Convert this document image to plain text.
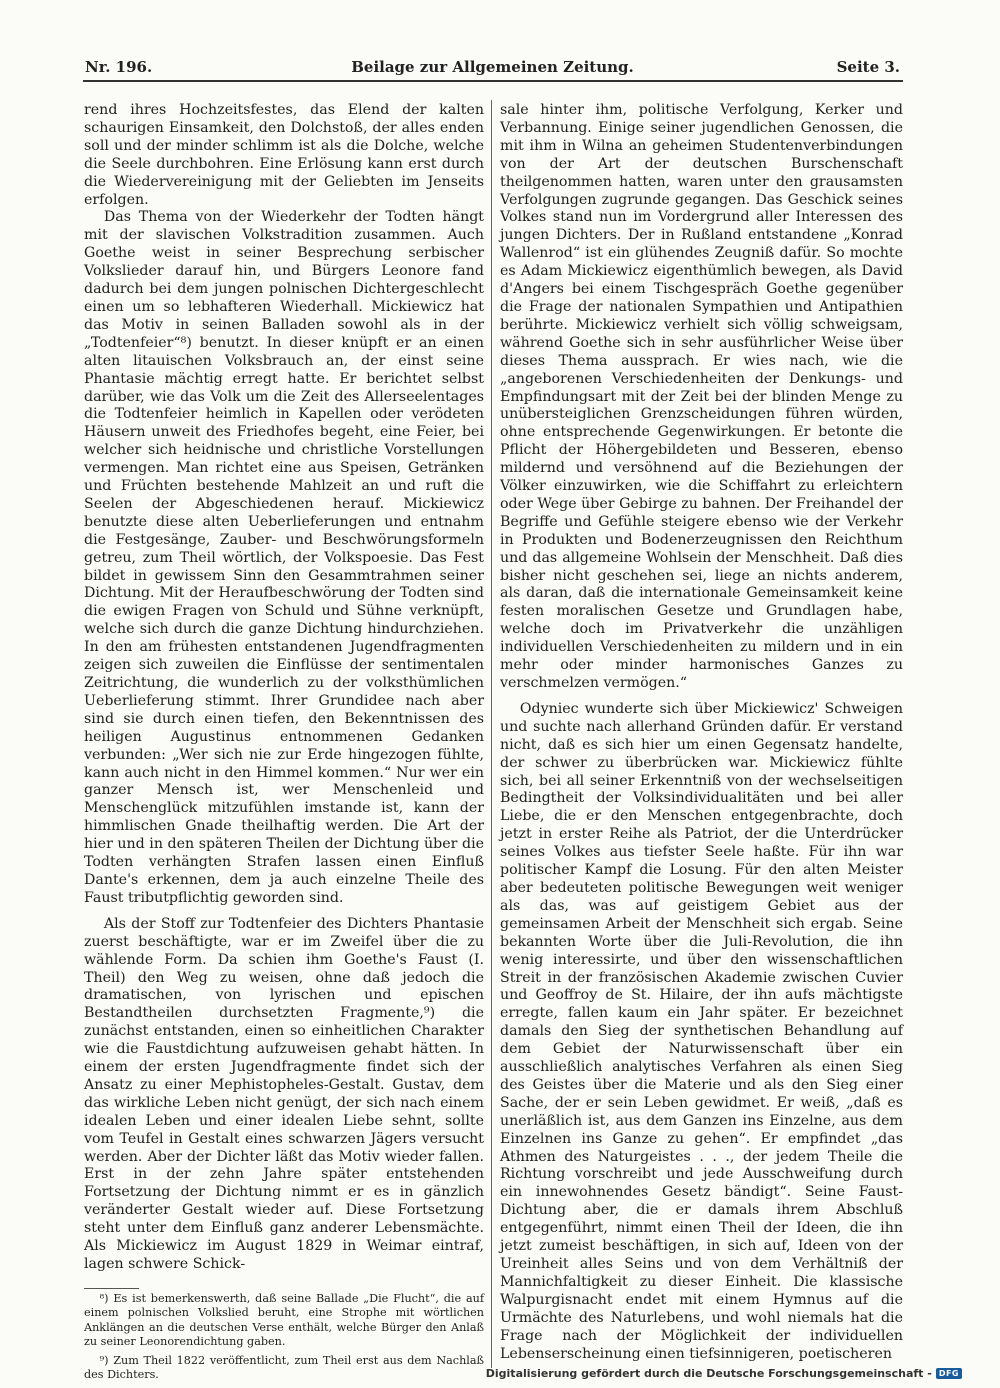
Nr. 196.	Beilage zur Allgemeinen Zeitung.	Seite 3.

rend ihres Hochzeitsfestes, das Elend der kalten schaurigen Einsamkeit, den Dolchstoß, der alles enden soll und der minder schlimm ist als die Dolche, welche die Seele durchbohren. Eine Erlösung kann erst durch die Wiedervereinigung mit der Geliebten im Jenseits erfolgen.

Das Thema von der Wiederkehr der Todten hängt mit der slavischen Volkstradition zusammen. Auch Goethe weist in seiner Besprechung serbischer Volkslieder darauf hin, und Bürgers Leonore fand dadurch bei dem jungen polnischen Dichtergeschlecht einen um so lebhafteren Wiederhall. Mickiewicz hat das Motiv in seinen Balladen sowohl als in der „Todtenfeier“⁸) benutzt. In dieser knüpft er an einen alten litauischen Volksbrauch an, der einst seine Phantasie mächtig erregt hatte. Er berichtet selbst darüber, wie das Volk um die Zeit des Allerseelentages die Todtenfeier heimlich in Kapellen oder verödeten Häusern unweit des Friedhofes begeht, eine Feier, bei welcher sich heidnische und christliche Vorstellungen vermengen. Man richtet eine aus Speisen, Getränken und Früchten bestehende Mahlzeit an und ruft die Seelen der Abgeschiedenen herauf. Mickiewicz benutzte diese alten Ueberlieferungen und entnahm die Festgesänge, Zauber- und Beschwörungsformeln getreu, zum Theil wörtlich, der Volkspoesie. Das Fest bildet in gewissem Sinn den Gesammtrahmen seiner Dichtung. Mit der Heraufbeschwörung der Todten sind die ewigen Fragen von Schuld und Sühne verknüpft, welche sich durch die ganze Dichtung hindurchziehen. In den am frühesten entstandenen Jugendfragmenten zeigen sich zuweilen die Einflüsse der sentimentalen Zeitrichtung, die wunderlich zu der volksthümlichen Ueberlieferung stimmt. Ihrer Grundidee nach aber sind sie durch einen tiefen, den Bekenntnissen des heiligen Augustinus entnommenen Gedanken verbunden: „Wer sich nie zur Erde hingezogen fühlte, kann auch nicht in den Himmel kommen.“ Nur wer ein ganzer Mensch ist, wer Menschenleid und Menschenglück mitzufühlen imstande ist, kann der himmlischen Gnade theilhaftig werden. Die Art der hier und in den späteren Theilen der Dichtung über die Todten verhängten Strafen lassen einen Einfluß Dante's erkennen, dem ja auch einzelne Theile des Faust tributpflichtig geworden sind.

Als der Stoff zur Todtenfeier des Dichters Phantasie zuerst beschäftigte, war er im Zweifel über die zu wählende Form. Da schien ihm Goethe's Faust (I. Theil) den Weg zu weisen, ohne daß jedoch die dramatischen, von lyrischen und epischen Bestandtheilen durchsetzten Fragmente,⁹) die zunächst entstanden, einen so einheitlichen Charakter wie die Faustdichtung aufzuweisen gehabt hätten. In einem der ersten Jugendfragmente findet sich der Ansatz zu einer Mephistopheles-Gestalt. Gustav, dem das wirkliche Leben nicht genügt, der sich nach einem idealen Leben und einer idealen Liebe sehnt, sollte vom Teufel in Gestalt eines schwarzen Jägers versucht werden. Aber der Dichter läßt das Motiv wieder fallen. Erst in der zehn Jahre später entstehenden Fortsetzung der Dichtung nimmt er es in gänzlich veränderter Gestalt wieder auf. Diese Fortsetzung steht unter dem Einfluß ganz anderer Lebensmächte. Als Mickiewicz im August 1829 in Weimar eintraf, lagen schwere Schick-

⁸) Es ist bemerkenswerth, daß seine Ballade „Die Flucht“, die auf einem polnischen Volkslied beruht, eine Strophe mit wörtlichen Anklängen an die deutschen Verse enthält, welche Bürger den Anlaß zu seiner Leonorendichtung gaben.

⁹) Zum Theil 1822 veröffentlicht, zum Theil erst aus dem Nachlaß des Dichters.

sale hinter ihm, politische Verfolgung, Kerker und Verbannung. Einige seiner jugendlichen Genossen, die mit ihm in Wilna an geheimen Studentenverbindungen von der Art der deutschen Burschenschaft theilgenommen hatten, waren unter den grausamsten Verfolgungen zugrunde gegangen. Das Geschick seines Volkes stand nun im Vordergrund aller Interessen des jungen Dichters. Der in Rußland entstandene „Konrad Wallenrod“ ist ein glühendes Zeugniß dafür. So mochte es Adam Mickiewicz eigenthümlich bewegen, als David d'Angers bei einem Tischgespräch Goethe gegenüber die Frage der nationalen Sympathien und Antipathien berührte. Mickiewicz verhielt sich völlig schweigsam, während Goethe sich in sehr ausführlicher Weise über dieses Thema aussprach. Er wies nach, wie die „angeborenen Verschiedenheiten der Denkungs- und Empfindungsart mit der Zeit bei der blinden Menge zu unübersteiglichen Grenzscheidungen führen würden, ohne entsprechende Gegenwirkungen. Er betonte die Pflicht der Höhergebildeten und Besseren, ebenso mildernd und versöhnend auf die Beziehungen der Völker einzuwirken, wie die Schiffahrt zu erleichtern oder Wege über Gebirge zu bahnen. Der Freihandel der Begriffe und Gefühle steigere ebenso wie der Verkehr in Produkten und Bodenerzeugnissen den Reichthum und das allgemeine Wohlsein der Menschheit. Daß dies bisher nicht geschehen sei, liege an nichts anderem, als daran, daß die internationale Gemeinsamkeit keine festen moralischen Gesetze und Grundlagen habe, welche doch im Privatverkehr die unzähligen individuellen Verschiedenheiten zu mildern und in ein mehr oder minder harmonisches Ganzes zu verschmelzen vermögen.“

Odyniec wunderte sich über Mickiewicz' Schweigen und suchte nach allerhand Gründen dafür. Er verstand nicht, daß es sich hier um einen Gegensatz handelte, der schwer zu überbrücken war. Mickiewicz fühlte sich, bei all seiner Erkenntniß von der wechselseitigen Bedingtheit der Volksindividualitäten und bei aller Liebe, die er den Menschen entgegenbrachte, doch jetzt in erster Reihe als Patriot, der die Unterdrücker seines Volkes aus tiefster Seele haßte. Für ihn war politischer Kampf die Losung. Für den alten Meister aber bedeuteten politische Bewegungen weit weniger als das, was auf geistigem Gebiet aus der gemeinsamen Arbeit der Menschheit sich ergab. Seine bekannten Worte über die Juli-Revolution, die ihn wenig interessirte, und über den wissenschaftlichen Streit in der französischen Akademie zwischen Cuvier und Geoffroy de St. Hilaire, der ihn aufs mächtigste erregte, fallen kaum ein Jahr später. Er bezeichnet damals den Sieg der synthetischen Behandlung auf dem Gebiet der Naturwissenschaft über ein ausschließlich analytisches Verfahren als einen Sieg des Geistes über die Materie und als den Sieg einer Sache, der er sein Leben gewidmet. Er weiß, „daß es unerläßlich ist, aus dem Ganzen ins Einzelne, aus dem Einzelnen ins Ganze zu gehen“. Er empfindet „das Athmen des Naturgeistes . . ., der jedem Theile die Richtung vorschreibt und jede Ausschweifung durch ein innewohnendes Gesetz bändigt“. Seine Faust-Dichtung aber, die er damals ihrem Abschluß entgegenführt, nimmt einen Theil der Ideen, die ihn jetzt zumeist beschäftigen, in sich auf, Ideen von der Ureinheit alles Seins und von dem Verhältniß der Mannichfaltigkeit zu dieser Einheit. Die klassische Walpurgisnacht endet mit einem Hymnus auf die Urmächte des Naturlebens, und wohl niemals hat die Frage nach der Möglichkeit der individuellen Lebenserscheinung einen tiefsinnigeren, poetischeren

Digitalisierung gefördert durch die Deutsche Forschungsgemeinschaft - DFG
